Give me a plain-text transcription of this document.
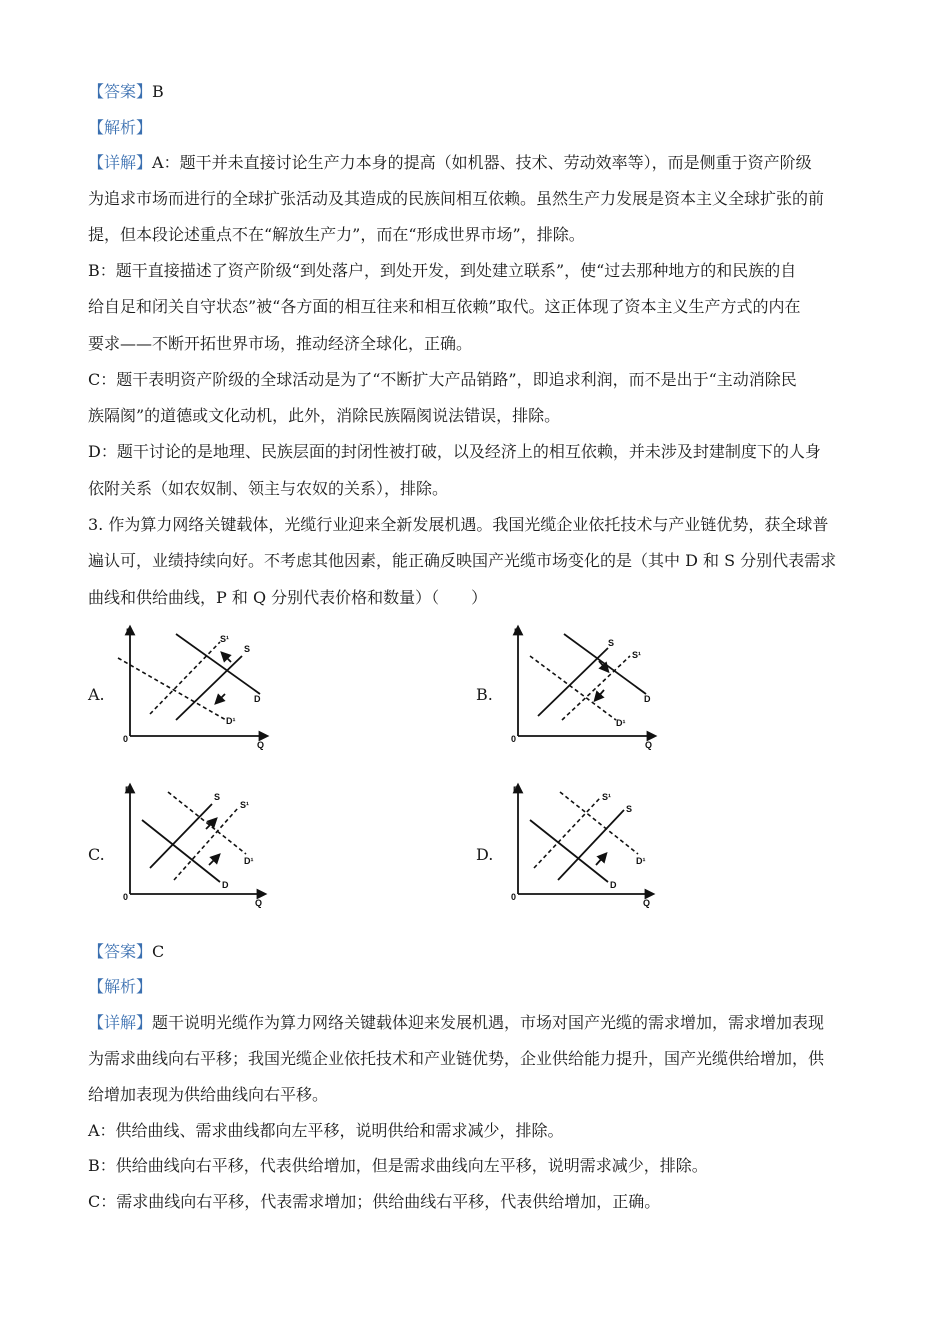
【答案】B
【解析】
【详解】A：题干并未直接讨论生产力本身的提高（如机器、技术、劳动效率等），而是侧重于资产阶级
为追求市场而进行的全球扩张活动及其造成的民族间相互依赖。虽然生产力发展是资本主义全球扩张的前
提，但本段论述重点不在“解放生产力”，而在“形成世界市场”，排除。
B：题干直接描述了资产阶级“到处落户，到处开发，到处建立联系”，使“过去那种地方的和民族的自
给自足和闭关自守状态”被“各方面的相互往来和相互依赖”取代。这正体现了资本主义生产方式的内在
要求——不断开拓世界市场，推动经济全球化，正确。
C：题干表明资产阶级的全球活动是为了“不断扩大产品销路”，即追求利润，而不是出于“主动消除民
族隔阂”的道德或文化动机，此外，消除民族隔阂说法错误，排除。
D：题干讨论的是地理、民族层面的封闭性被打破，以及经济上的相互依赖，并未涉及封建制度下的人身
依附关系（如农奴制、领主与农奴的关系），排除。
3. 作为算力网络关键载体，光缆行业迎来全新发展机遇。我国光缆企业依托技术与产业链优势，获全球普
遍认可，业绩持续向好。不考虑其他因素，能正确反映国产光缆市场变化的是（其中 D 和 S 分别代表需求
曲线和供给曲线，P 和 Q 分别代表价格和数量）（　　）
A.
P
0
Q
S
S¹
D
D¹
B.
P
0
Q
S
S¹
D
D¹
C.
P
0
Q
S
S¹
D
D¹	D.
P
0
Q
S
S¹
D
D¹
【答案】C
【解析】
【详解】题干说明光缆作为算力网络关键载体迎来发展机遇，市场对国产光缆的需求增加，需求增加表现
为需求曲线向右平移；我国光缆企业依托技术和产业链优势，企业供给能力提升，国产光缆供给增加，供
给增加表现为供给曲线向右平移。
A：供给曲线、需求曲线都向左平移，说明供给和需求减少，排除。
B：供给曲线向右平移，代表供给增加，但是需求曲线向左平移，说明需求减少，排除。
C：需求曲线向右平移，代表需求增加；供给曲线右平移，代表供给增加，正确。
